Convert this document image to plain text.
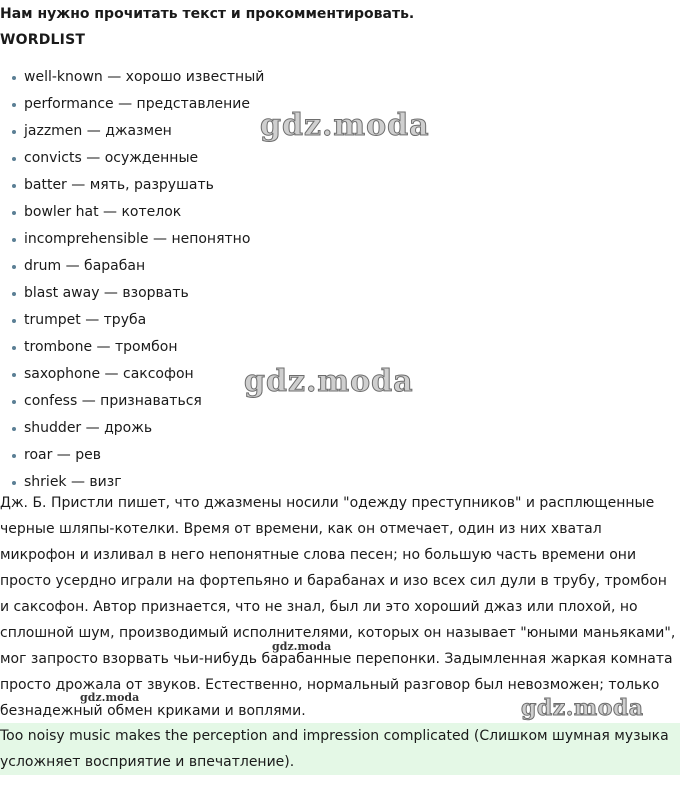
Нам нужно прочитать текст и прокомментировать.
WORDLIST
well-known — хорошо известный
performance — представление
jazzmen — джазмен
convicts — осужденные
batter — мять, разрушать
bowler hat — котелок
incomprehensible — непонятно
drum — барабан
blast away — взорвать
trumpet — труба
trombone — тромбон
saxophone — саксофон
confess — признаваться
shudder — дрожь
roar — рев
shriek — визг

Дж. Б. Пристли пишет, что джазмены носили "одежду преступников" и расплющенные черные шляпы-котелки. Время от времени, как он отмечает, один из них хватал микрофон и изливал в него непонятные слова песен; но большую часть времени они просто усердно играли на фортепьяно и барабанах и изо всех сил дули в трубу, тромбон и саксофон. Автор признается, что не знал, был ли это хороший джаз или плохой, но сплошной шум, производимый исполнителями, которых он называет "юными маньяками", мог запросто взорвать чьи-нибудь барабанные перепонки. Задымленная жаркая комната просто дрожала от звуков. Естественно, нормальный разговор был невозможен; только безнадежный обмен криками и воплями.

Too noisy music makes the perception and impression complicated (Слишком шумная музыка усложняет восприятие и впечатление).

gdz.moda
gdz.moda
gdz.moda
gdz.moda
gdz.moda
